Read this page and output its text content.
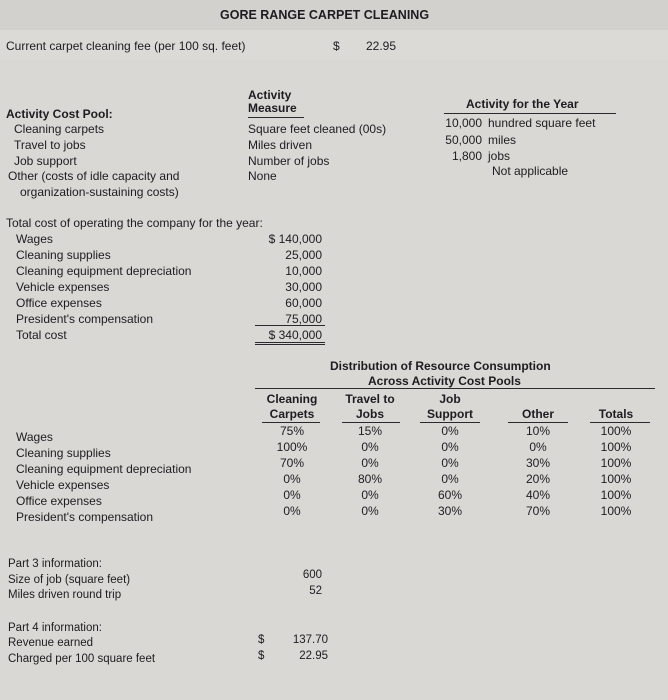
GORE RANGE CARPET CLEANING
Current carpet cleaning fee (per 100 sq. feet)	$ 22.95
Activity
Measure
Activity Cost Pool:
Activity for the Year
Cleaning carpets	Square feet cleaned (00s)	10,000 hundred square feet
Travel to jobs	Miles driven	50,000 miles
Job support	Number of jobs	1,800 jobs
Other (costs of idle capacity and	None	Not applicable
organization-sustaining costs)
Total cost of operating the company for the year:
Wages	$ 140,000
Cleaning supplies	25,000
Cleaning equipment depreciation	10,000
Vehicle expenses	30,000
Office expenses	60,000
President's compensation	75,000
Total cost	$ 340,000
Distribution of Resource Consumption
Across Activity Cost Pools
Cleaning
Carpets
Travel to
Jobs
Job
Support	Other	Totals
Wages	75%	15%	0%	10%	100%
Cleaning supplies	100%	0%	0%	0%	100%
Cleaning equipment depreciation	70%	0%	0%	30%	100%
Vehicle expenses	0%	80%	0%	20%	100%
Office expenses	0%	0%	60%	40%	100%
President's compensation	0%	0%	30%	70%	100%
Part 3 information:
Size of job (square feet)	600
Miles driven round trip	52
Part 4 information:
Revenue earned	$	137.70
Charged per 100 square feet	$	22.95
